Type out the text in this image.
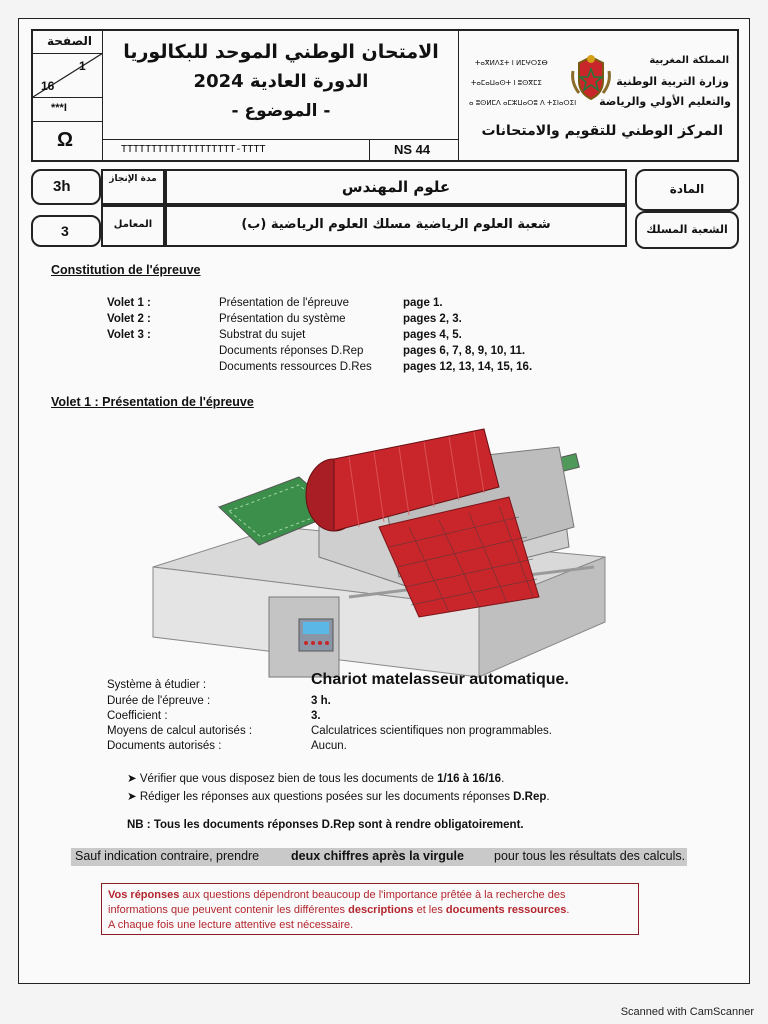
الصفحة
1
16
***I
Ω
الامتحان الوطني الموحد للبكالوريا
الدورة العادية 2024
- الموضوع -
TTTTTTTTTTTTTTTTTTT-TTTT	NS 44
ⵜⴰⴳⵍⴷⵉⵜ ⵏ ⵍⵎⵖⵔⵉⴱ
ⵜⴰⵎⴰⵡⴰⵙⵜ ⵏ ⵓⵙⴳⵎⵉ
ⴰ ⵓⵙⵍⵎⴷ ⴰⵎⵣⵡⴰⵔⵓ ⴷ ⵜⵉⵏⴰⵔⵉⵏ
المملكة المغربية
وزارة التربية الوطنية
والتعليم الأولي والرياضة
المركز الوطني للتقويم والامتحانات
3h	مدة الإنجاز	علوم المهندس	المادة
3	المعامل	شعبة العلوم الرياضية مسلك العلوم الرياضية (ب)	الشعبة المسلك
Constitution de l'épreuve
Volet 1 :	Présentation de l'épreuve	page 1.
Volet 2 :	Présentation du système	pages 2, 3.
Volet 3 :	Substrat du sujet	pages 4, 5.
Documents réponses D.Rep	pages 6, 7, 8, 9, 10, 11.
Documents ressources D.Res	pages 12, 13, 14, 15, 16.
Volet 1 : Présentation de l'épreuve
Système à étudier :	Chariot matelasseur automatique.
Durée de l'épreuve :	3 h.
Coefficient :	3.
Moyens de calcul autorisés :	Calculatrices scientifiques non programmables.
Documents autorisés :	Aucun.
➤ Vérifier que vous disposez bien de tous les documents de 1/16 à 16/16.
➤ Rédiger les réponses aux questions posées sur les documents réponses D.Rep.
NB : Tous les documents réponses D.Rep sont à rendre obligatoirement.
Sauf indication contraire, prendre	deux chiffres après la virgule pour tous les résultats des calculs.
Vos réponses aux questions dépendront beaucoup de l'importance prêtée à la recherche des
informations que peuvent contenir les différentes descriptions et les documents ressources.
A chaque fois une lecture attentive est nécessaire.
Scanned with CamScanner
